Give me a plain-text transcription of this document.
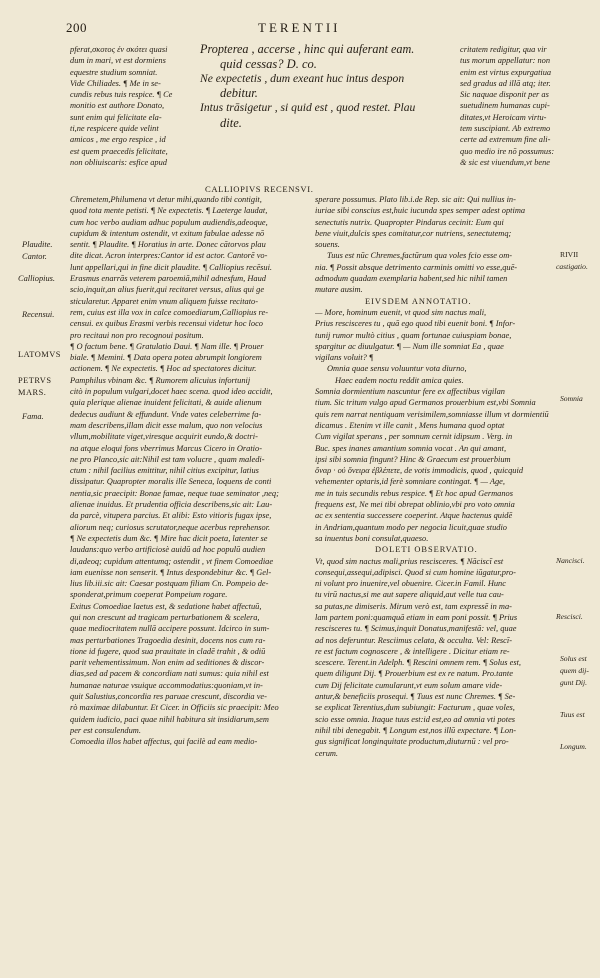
200	TERENTII

pferat,σκοτος ἐν σκότει quasi

dum in mari, vt est dormiens

equestre studium somniat.

Vide Chiliades. ¶ Me in se-

cundis rebus tuis respice. ¶ Ce

monitio est authore Donato,

sunt enim qui felicitate ela-

ti,ne respicere quide velint

amicos , me ergo respice , id

est quem praecedis felicitate,

non obliuiscaris: esfice apud

Propterea , accerse , hinc qui auferant eam.

quid cessas? D. co.

Ne expectetis , dum exeant huc intus despon

debitur.

Intus trāsigetur , si quid est , quod restet. Plau

dite.

critatem redigitur, qua vir

tus morum appellatur: non

enim est virtus expurgatiua

sed gradus ad illā atq; iter.

Sic naquae disponit per as

suetudinem humanas cupi-

ditates,vt Heroicam virtu-

tem suscipiant. Ab extremo

certe ad extremum fine ali-

quo medio ire nō possumus:

& sic est viuendum,vt bene

CALLIOPIVS RECENSVI.

Chremetem,Philumena vt detur mihi,quando tibi contigit,

quod tota mente petisti. ¶ Ne expectetis. ¶ Laeterge laudat,

cum hoc verbo audiam adhuc populum audiendis,adeoque,

cupidum & intentum ostendit, vt exitum fabulae adesse nō

sentit. ¶ Plaudite. ¶ Horatius in arte. Donec cātorvos plau

dite dicat. Acron interpres:Cantor id est actor. Cantorē vo-

lunt appellari,qui in fine dicit plaudite. ¶ Calliopius recēsui.

Erasmus enarrās veterem paroemiā,mihil adnesfum, Haud

scio,inquit,an alius fuerit,qui recitaret versus, alius qui ge

sticularetur. Apparet enim vnum aliquem fuisse recitato-

rem, cuius est illa vox in calce comoediarum,Calliopius re-

censui. ex quibus Erasmi verbis recensui videtur hoc loco

pro recitaui non pro recognoui positum.

¶ O factum bene. ¶ Gratulatio Daui. ¶ Nam ille. ¶ Prouer

biale. ¶ Memini. ¶ Data opera potea abrumpit longiorem

actionem. ¶ Ne expectetis. ¶ Hoc ad spectatores dicitur.

Pamphilus vbinam &c. ¶ Rumorem alicuius infortunij

citò in populum vulgari,docet haec scena. quod ideo accidit,

quia plerique alienae inuident felicitati, & auide alienum

dedecus audiunt & effundunt. Vnde vates celeberrime fa-

mam describens,illam dicit esse malum, quo non velocius

vllum,mobilitate viget,viresque acquirit eundo,& doctri-

na atque eloqui fons vberrimus Marcus Cicero in Oratio-

ne pro Planco,sic ait:Nihil est tam volucre , quam maledi-

ctum : nihil facilius emittitur, nihil citius excipitur, latius

dissipatur. Quapropter moralis ille Seneca, loquens de conti

nentia,sic praecipit: Bonae famae, neque tuae seminator ,neq;

alienae inuidus. Et prudentia officia describens,sic ait: Lau-

da parcè, vitupera parcius. Et alibi: Esto vitioris fugax ipse,

aliorum neq; curiosus scrutator,neque acerbus reprehensor.

¶ Ne expectetis dum &c. ¶ Mire hac dicit poeta, latenter se

laudans:quo verbo artificiosè auidū ad hoc populū audien

di,adeoq; cupidum attentumq; ostendit , vt finem Comoediae

iam euenisse non senserit. ¶ Intus despondebitur &c. ¶ Gel-

lius lib.iii.sic ait: Caesar postquam filiam Cn. Pompeio de-

sponderat,primum coeperat Pompeium rogare.

Exitus Comoediae laetus est, & sedatione habet affectuū,

qui non crescunt ad tragicam perturbationem & scelera,

quae mediocritatem nullā accipere possunt. Idcirco in sum-

mas perturbationes Tragoedia desinit, docens nos cum ra-

tione id fugere, quod sua prauitate in cladē trahit , & odiū

parit vehementissimum. Non enim ad seditiones & discor-

dias,sed ad pacem & concordiam nati sumus: quia nihil est

humanae naturae vsuique accommodatius:quoniam,vt in-

quit Salustius,concordia res paruae crescunt, discordia ve-

rò maximae dilabuntur. Et Cicer. in Officiis sic praecipit: Meo

quidem iudicio, paci quae nihil habitura sit insidiarum,sem

per est consulendum.

Comoedia illos habet affectus, qui facilè ad eam medio-

sperare possumus. Plato lib.i.de Rep. sic ait: Qui nullius in-

iuriae sibi conscius est,huic iucunda spes semper adest optima

senectutis nutrix. Quapropter Pindarus cecinit: Eum qui

bene viuit,dulcis spes comitatur,cor nutriens, senectutemq;

souens.

Tuus est nūc Chremes,factūrum qua voles fcio esse om-

nia. ¶ Possit absque detrimento carminis omitti vo esse,quē-

admodum quadam exemplaria habent,sed hic nihil tamen

mutare ausim.

EIVSDEM ANNOTATIO.

— More, hominum euenit, vt quod sim nactus mali,

Prius rescisceres tu , quā ego quod tibi euenit boni. ¶ Infor-

tunij rumor multò citius , quam fortunae cuiuspiam bonae,

spargitur ac diuulgatur. ¶ — Num ille somniat Ea , quae

vigilans voluit? ¶

Omnia quae sensu voluuntur vota diurno,

Haec eadem noctu reddit amica quies.

Somnia dormientium nascuntur fere ex affectibus vigilan

tium. Sic tritum vulgo apud Germanos prouerbium est,vbi Somnia

quis rem narrat nentiquam verisimilem,somniasse illum vt dormientiū

dicamus . Etenim vt ille canit , Mens humana quod optat

Cum vigilat sperans , per somnum cernit idipsum . Verg. in

Buc. spes inanes amantium somnia vocat . An qui amant,

ipsi sibi somnia fingunt? Hinc & Graecum est prouerbium

ὄναρ · οὐ ὄνειρα ἐβλέπετε, de votis immodicis, quod , quicquid

vehementer optaris,id ferè somniare contingat. ¶ — Age,

me in tuis secundis rebus respice. ¶ Et hoc apud Germanos

frequens est, Ne mei tibi obrepat oblinio,vbi pro voto omnia

ac ex sententia successere coeperint. Atque hactenus quidē

in Andriam,quantum modo per negocia licuit,quae studio

sa inuentus boni consulat,quaeso.

DOLETI OBSERVATIO.

Vt, quod sim nactus mali,prius rescisceres. ¶ Nāciscī est

consequi,assequi,adipisci. Quod si cum homine iūgatur,pro-

ni volunt pro inuenire,vel obuenire. Cicer.in Famil. Hunc

tu virū nactus,si me aut sapere aliquid,aut velle tua cau-

sa putas,ne dimiseris. Mirum verò est, tam expressē in ma-

lam partem poni:quamquā etiam in eam poni possit. ¶ Prius

rescisceres tu. ¶ Scimus,inquit Donatus,manifestā: vel, quae

ad nos deferuntur. Resciimus celata, & occulta. Vel: Rescī-

re est factum cognoscere , & intelligere . Dicitur etiam re-

scescere. Terent.in Adelph. ¶ Rescini omnem rem. ¶ Solus est,

quem diligunt Dij. ¶ Prouerbium est ex re natum. Pro.tante

cum Dij felicitate cumularunt,vt eum solum amare vide-

antur,& beneficiis prosequi. ¶ Tuus est nunc Chremes. ¶ Se-

se explicat Terentius,dum subiungit: Facturum , quae voles,

scio esse omnia. Itaque tuus est:id est,eo ad omnia vti potes

nihil tibi denegabit. ¶ Longum est,nos illū expectare. ¶ Lon-

gus significat longinquitate productum,diuturnū : vel pro-

cerum.

Plaudite.
Cantor.
Calliopius.
Recensui.
LATOMVS
PETRVS
MARS.
Fama.
RIVII
castigatio.
Somnia
Nancisci.
Rescisci.
Solus est
quem dij-
gunt Dij.
Tuus est
Longum.
